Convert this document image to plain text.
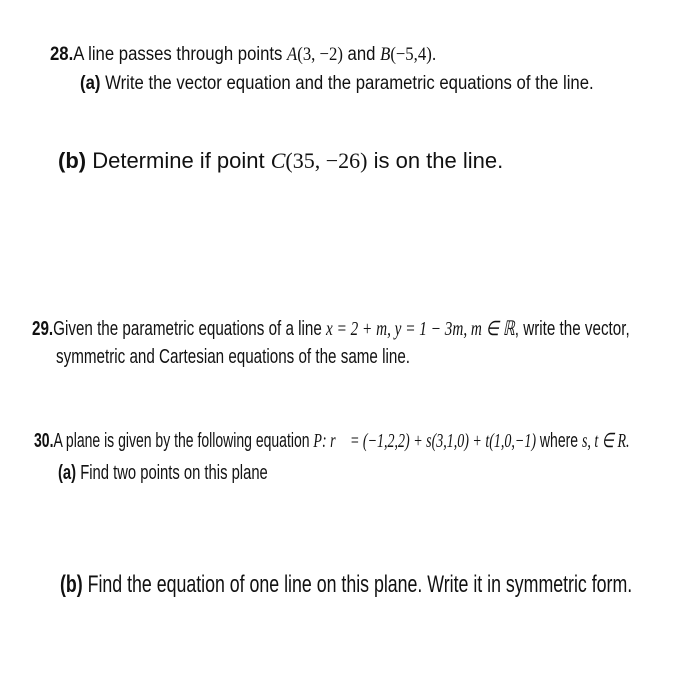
28.A line passes through points A(3, −2) and B(−5,4).
(a) Write the vector equation and the parametric equations of the line.
(b) Determine if point C(35, −26) is on the line.
29.Given the parametric equations of a line x = 2 + m, y = 1 − 3m, m ∈ ℝ, write the vector,
symmetric and Cartesian equations of the same line.
30.A plane is given by the following equation P: r⃗ = (−1,2,2) + s(3,1,0) + t(1,0,−1) where s, t ∈ R.
(a) Find two points on this plane
(b) Find the equation of one line on this plane. Write it in symmetric form.
